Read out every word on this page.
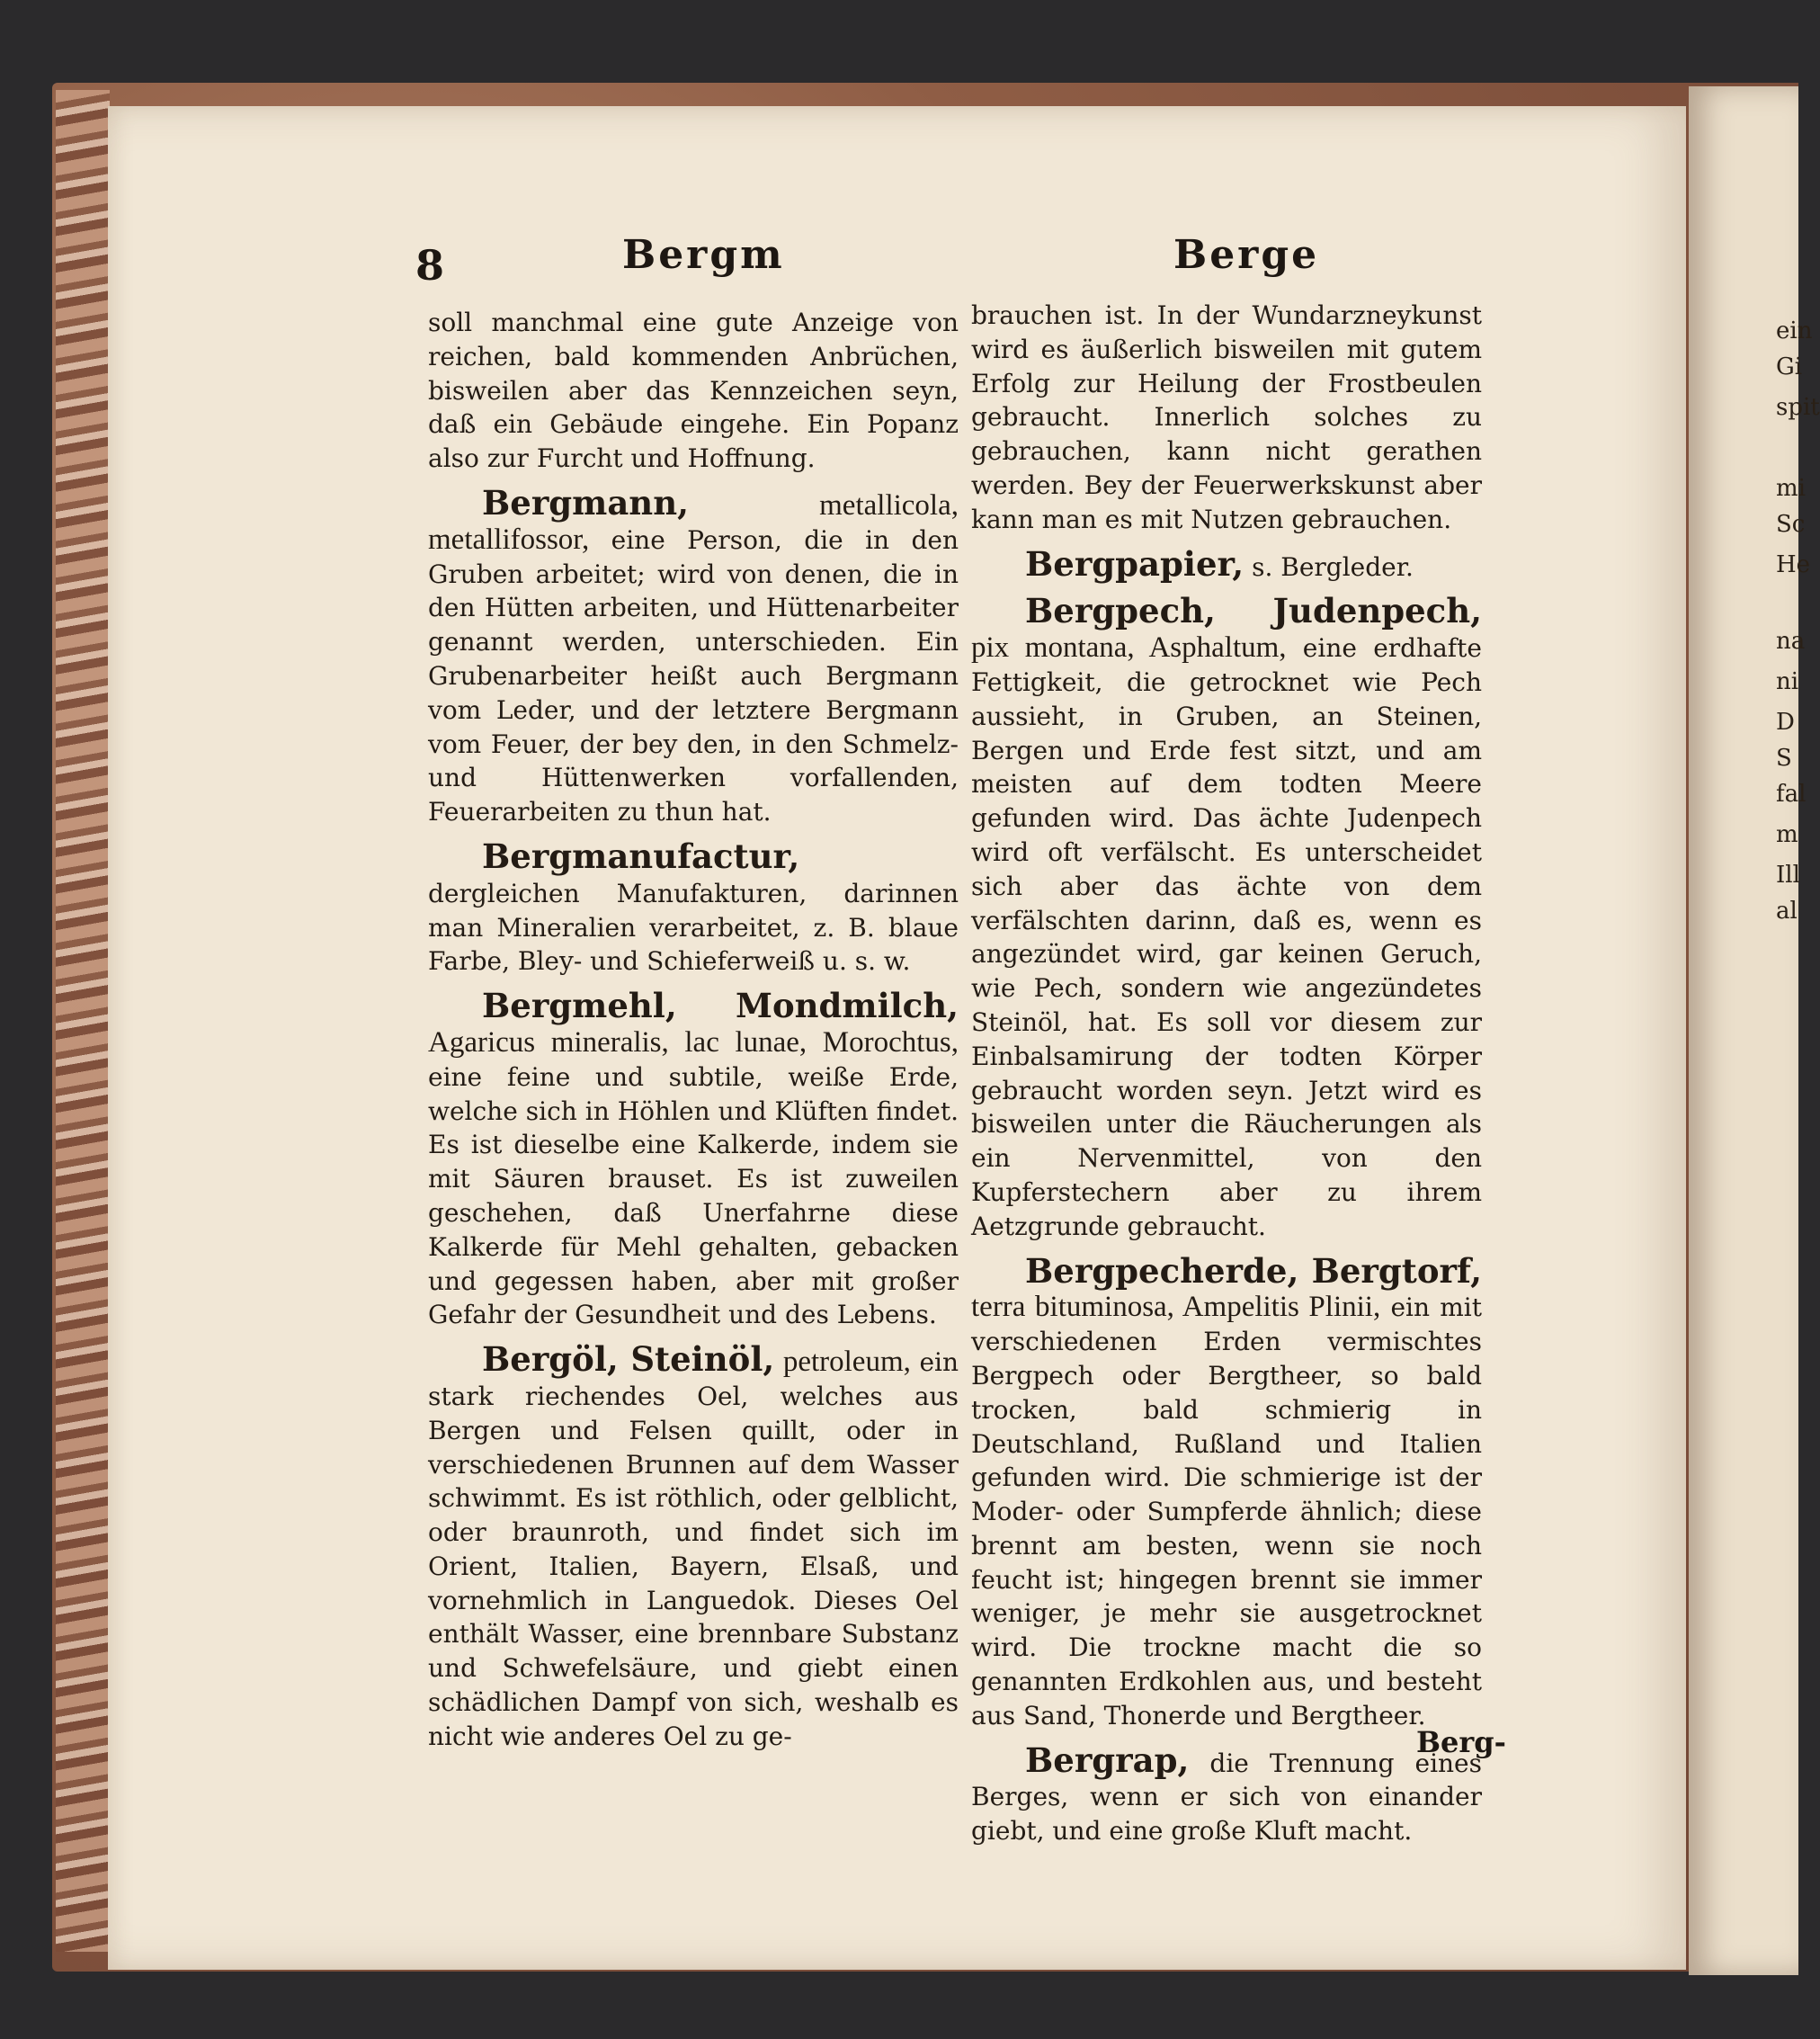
ein
Gi
spit
mi
Sc
He
na
ni
D
S
fal
m
Ill
al
8	Bergm	Berge

soll manchmal eine gute Anzeige von reichen, bald kommenden Anbrüchen, bisweilen aber das Kennzeichen seyn, daß ein Gebäude eingehe. Ein Popanz also zur Furcht und Hoffnung.

Bergmann,	metallicola, metallifossor, eine Person, die in den Gruben arbeitet; wird von denen, die in den Hütten arbeiten, und Hüttenarbeiter genannt werden, unterschieden. Ein Grubenarbeiter heißt auch Bergmann vom Leder, und der letztere Bergmann vom Feuer, der bey den, in den Schmelz- und Hüttenwerken vorfallenden, Feuerarbeiten zu thun hat.

Bergmanufactur, dergleichen Manufakturen, darinnen man Mineralien verarbeitet, z. B. blaue Farbe, Bley- und Schieferweiß u. s. w.

Bergmehl, Mondmilch, Agaricus mineralis, lac lunae, Morochtus, eine feine und subtile, weiße Erde, welche sich in Höhlen und Klüften findet. Es ist dieselbe eine Kalkerde, indem sie mit Säuren brauset. Es ist zuweilen geschehen, daß Unerfahrne diese Kalkerde für Mehl gehalten, gebacken und gegessen haben, aber mit großer Gefahr der Gesundheit und des Lebens.

Bergöl, Steinöl, petroleum, ein stark riechendes Oel, welches aus Bergen und Felsen quillt, oder in verschiedenen Brunnen auf dem Wasser schwimmt. Es ist röthlich, oder gelblicht, oder braunroth, und findet sich im Orient, Italien, Bayern, Elsaß, und vornehmlich in Languedok. Dieses Oel enthält Wasser, eine brennbare Substanz und Schwefelsäure, und giebt einen schädlichen Dampf von sich, weshalb es nicht wie anderes Oel zu ge-

brauchen ist. In der Wundarzneykunst wird es äußerlich bisweilen mit gutem Erfolg zur Heilung der Frostbeulen gebraucht. Innerlich solches zu gebrauchen, kann nicht gerathen werden. Bey der Feuerwerkskunst aber kann man es mit Nutzen gebrauchen.

Bergpapier, s. Bergleder.

Bergpech, Judenpech, pix montana, Asphaltum, eine erdhafte Fettigkeit, die getrocknet wie Pech aussieht, in Gruben, an Steinen, Bergen und Erde fest sitzt, und am meisten auf dem todten Meere gefunden wird. Das ächte Judenpech wird oft verfälscht. Es unterscheidet sich aber das ächte von dem verfälschten darinn, daß es, wenn es angezündet wird, gar keinen Geruch, wie Pech, sondern wie angezündetes Steinöl, hat. Es soll vor diesem zur Einbalsamirung der todten Körper gebraucht worden seyn. Jetzt wird es bisweilen unter die Räucherungen als ein Nervenmittel, von den Kupferstechern aber zu ihrem Aetzgrunde gebraucht.

Bergpecherde, Bergtorf, terra bituminosa, Ampelitis Plinii, ein mit verschiedenen Erden vermischtes Bergpech oder Bergtheer, so bald trocken, bald schmierig in Deutschland, Rußland und Italien gefunden wird. Die schmierige ist der Moder- oder Sumpferde ähnlich; diese brennt am besten, wenn sie noch feucht ist; hingegen brennt sie immer weniger, je mehr sie ausgetrocknet wird. Die trockne macht die so genannten Erdkohlen aus, und besteht aus Sand, Thonerde und Bergtheer.

Bergrap, die Trennung eines Berges, wenn er sich von einander giebt, und eine große Kluft macht.

Berg-
